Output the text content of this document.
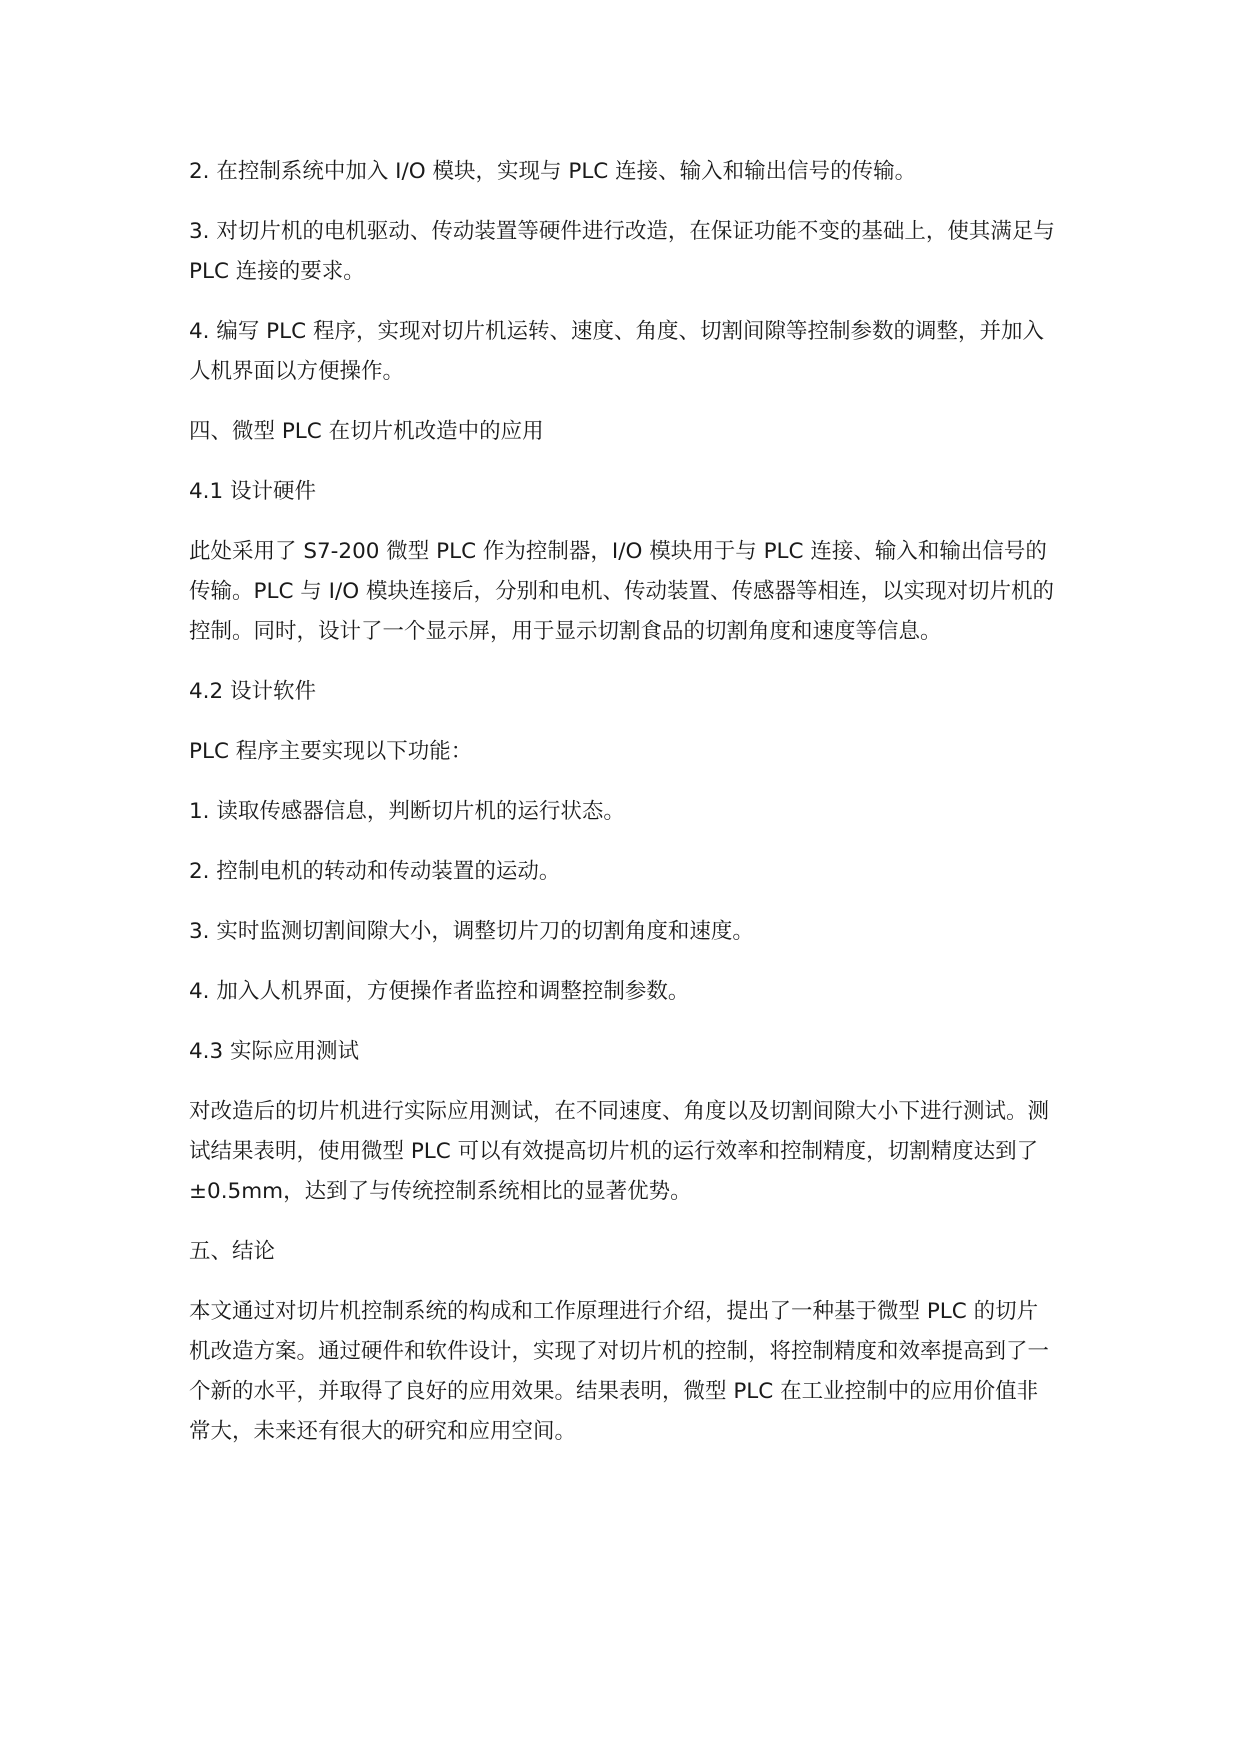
2. 在控制系统中加入 I/O 模块，实现与 PLC 连接、输入和输出信号的传输。

3. 对切片机的电机驱动、传动装置等硬件进行改造，在保证功能不变的基础上，使其满足与 PLC 连接的要求。

4. 编写 PLC 程序，实现对切片机运转、速度、角度、切割间隙等控制参数的调整，并加入人机界面以方便操作。

四、微型 PLC 在切片机改造中的应用

4.1 设计硬件

此处采用了 S7-200 微型 PLC 作为控制器，I/O 模块用于与 PLC 连接、输入和输出信号的传输。PLC 与 I/O 模块连接后，分别和电机、传动装置、传感器等相连，以实现对切片机的控制。同时，设计了一个显示屏，用于显示切割食品的切割角度和速度等信息。

4.2 设计软件

PLC 程序主要实现以下功能：

1. 读取传感器信息，判断切片机的运行状态。

2. 控制电机的转动和传动装置的运动。

3. 实时监测切割间隙大小，调整切片刀的切割角度和速度。

4. 加入人机界面，方便操作者监控和调整控制参数。

4.3 实际应用测试

对改造后的切片机进行实际应用测试，在不同速度、角度以及切割间隙大小下进行测试。测试结果表明，使用微型 PLC 可以有效提高切片机的运行效率和控制精度，切割精度达到了±0.5mm，达到了与传统控制系统相比的显著优势。

五、结论

本文通过对切片机控制系统的构成和工作原理进行介绍，提出了一种基于微型 PLC 的切片机改造方案。通过硬件和软件设计，实现了对切片机的控制，将控制精度和效率提高到了一个新的水平，并取得了良好的应用效果。结果表明，微型 PLC 在工业控制中的应用价值非常大，未来还有很大的研究和应用空间。
